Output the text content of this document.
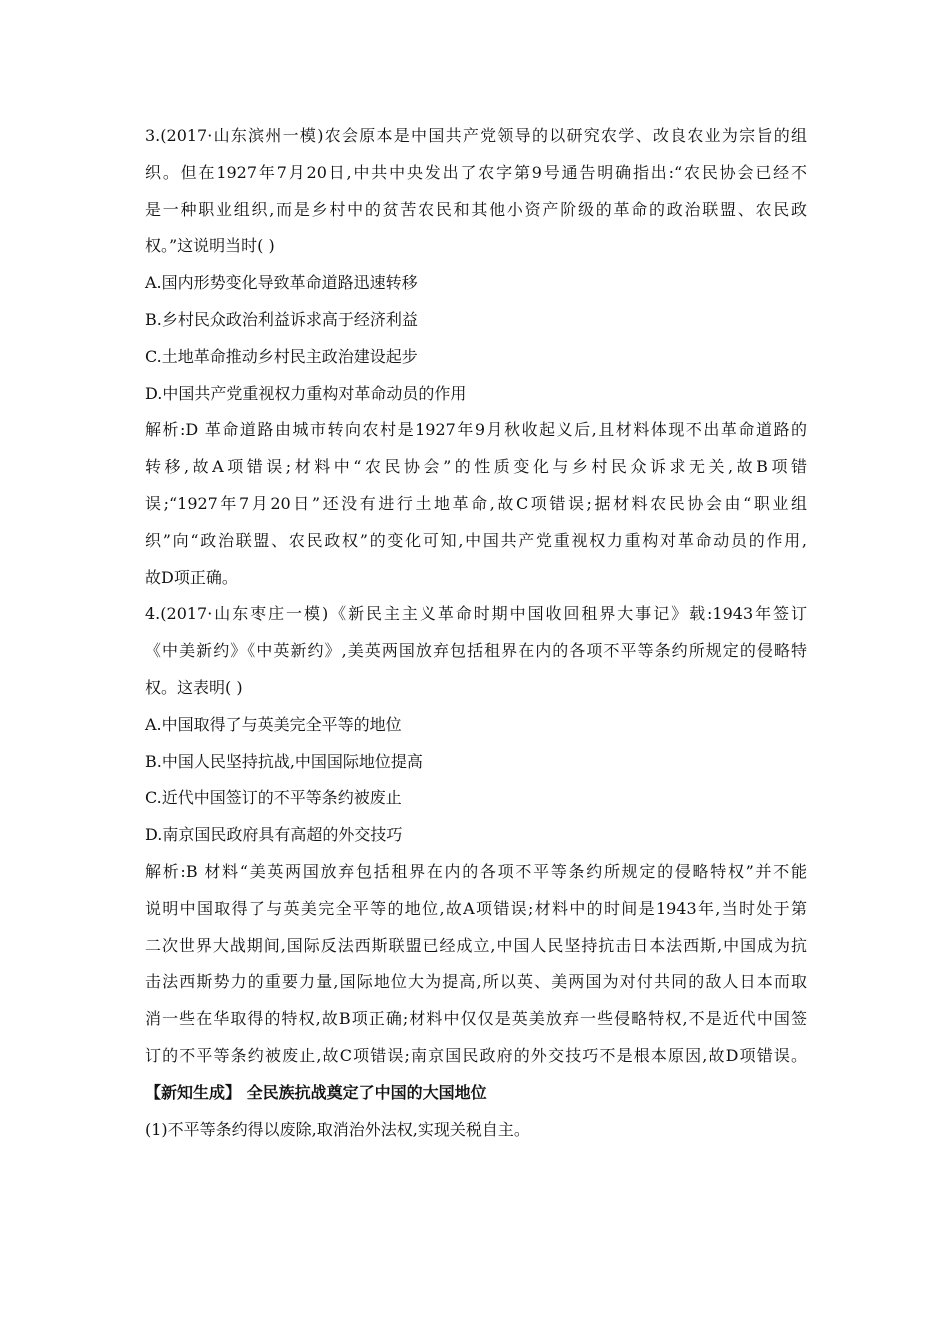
3.(2017·山东滨州一模)农会原本是中国共产党领导的以研究农学、改良农业为宗旨的组
织。但在1927年7月20日,中共中央发出了农字第9号通告明确指出:“农民协会已经不
是一种职业组织,而是乡村中的贫苦农民和其他小资产阶级的革命的政治联盟、农民政
权。”这说明当时( )
A.国内形势变化导致革命道路迅速转移
B.乡村民众政治利益诉求高于经济利益
C.土地革命推动乡村民主政治建设起步
D.中国共产党重视权力重构对革命动员的作用
解析:D 革命道路由城市转向农村是1927年9月秋收起义后,且材料体现不出革命道路的
转移,故A项错误;材料中“农民协会”的性质变化与乡村民众诉求无关,故B项错
误;“1927年7月20日”还没有进行土地革命,故C项错误;据材料农民协会由“职业组
织”向“政治联盟、农民政权”的变化可知,中国共产党重视权力重构对革命动员的作用,
故D项正确。
4.(2017·山东枣庄一模)《新民主主义革命时期中国收回租界大事记》载:1943年签订
《中美新约》《中英新约》,美英两国放弃包括租界在内的各项不平等条约所规定的侵略特
权。这表明( )
A.中国取得了与英美完全平等的地位
B.中国人民坚持抗战,中国国际地位提高
C.近代中国签订的不平等条约被废止
D.南京国民政府具有高超的外交技巧
解析:B 材料“美英两国放弃包括租界在内的各项不平等条约所规定的侵略特权”并不能
说明中国取得了与英美完全平等的地位,故A项错误;材料中的时间是1943年,当时处于第
二次世界大战期间,国际反法西斯联盟已经成立,中国人民坚持抗击日本法西斯,中国成为抗
击法西斯势力的重要力量,国际地位大为提高,所以英、美两国为对付共同的敌人日本而取
消一些在华取得的特权,故B项正确;材料中仅仅是英美放弃一些侵略特权,不是近代中国签
订的不平等条约被废止,故C项错误;南京国民政府的外交技巧不是根本原因,故D项错误。
【新知生成】 全民族抗战奠定了中国的大国地位
(1)不平等条约得以废除,取消治外法权,实现关税自主。
